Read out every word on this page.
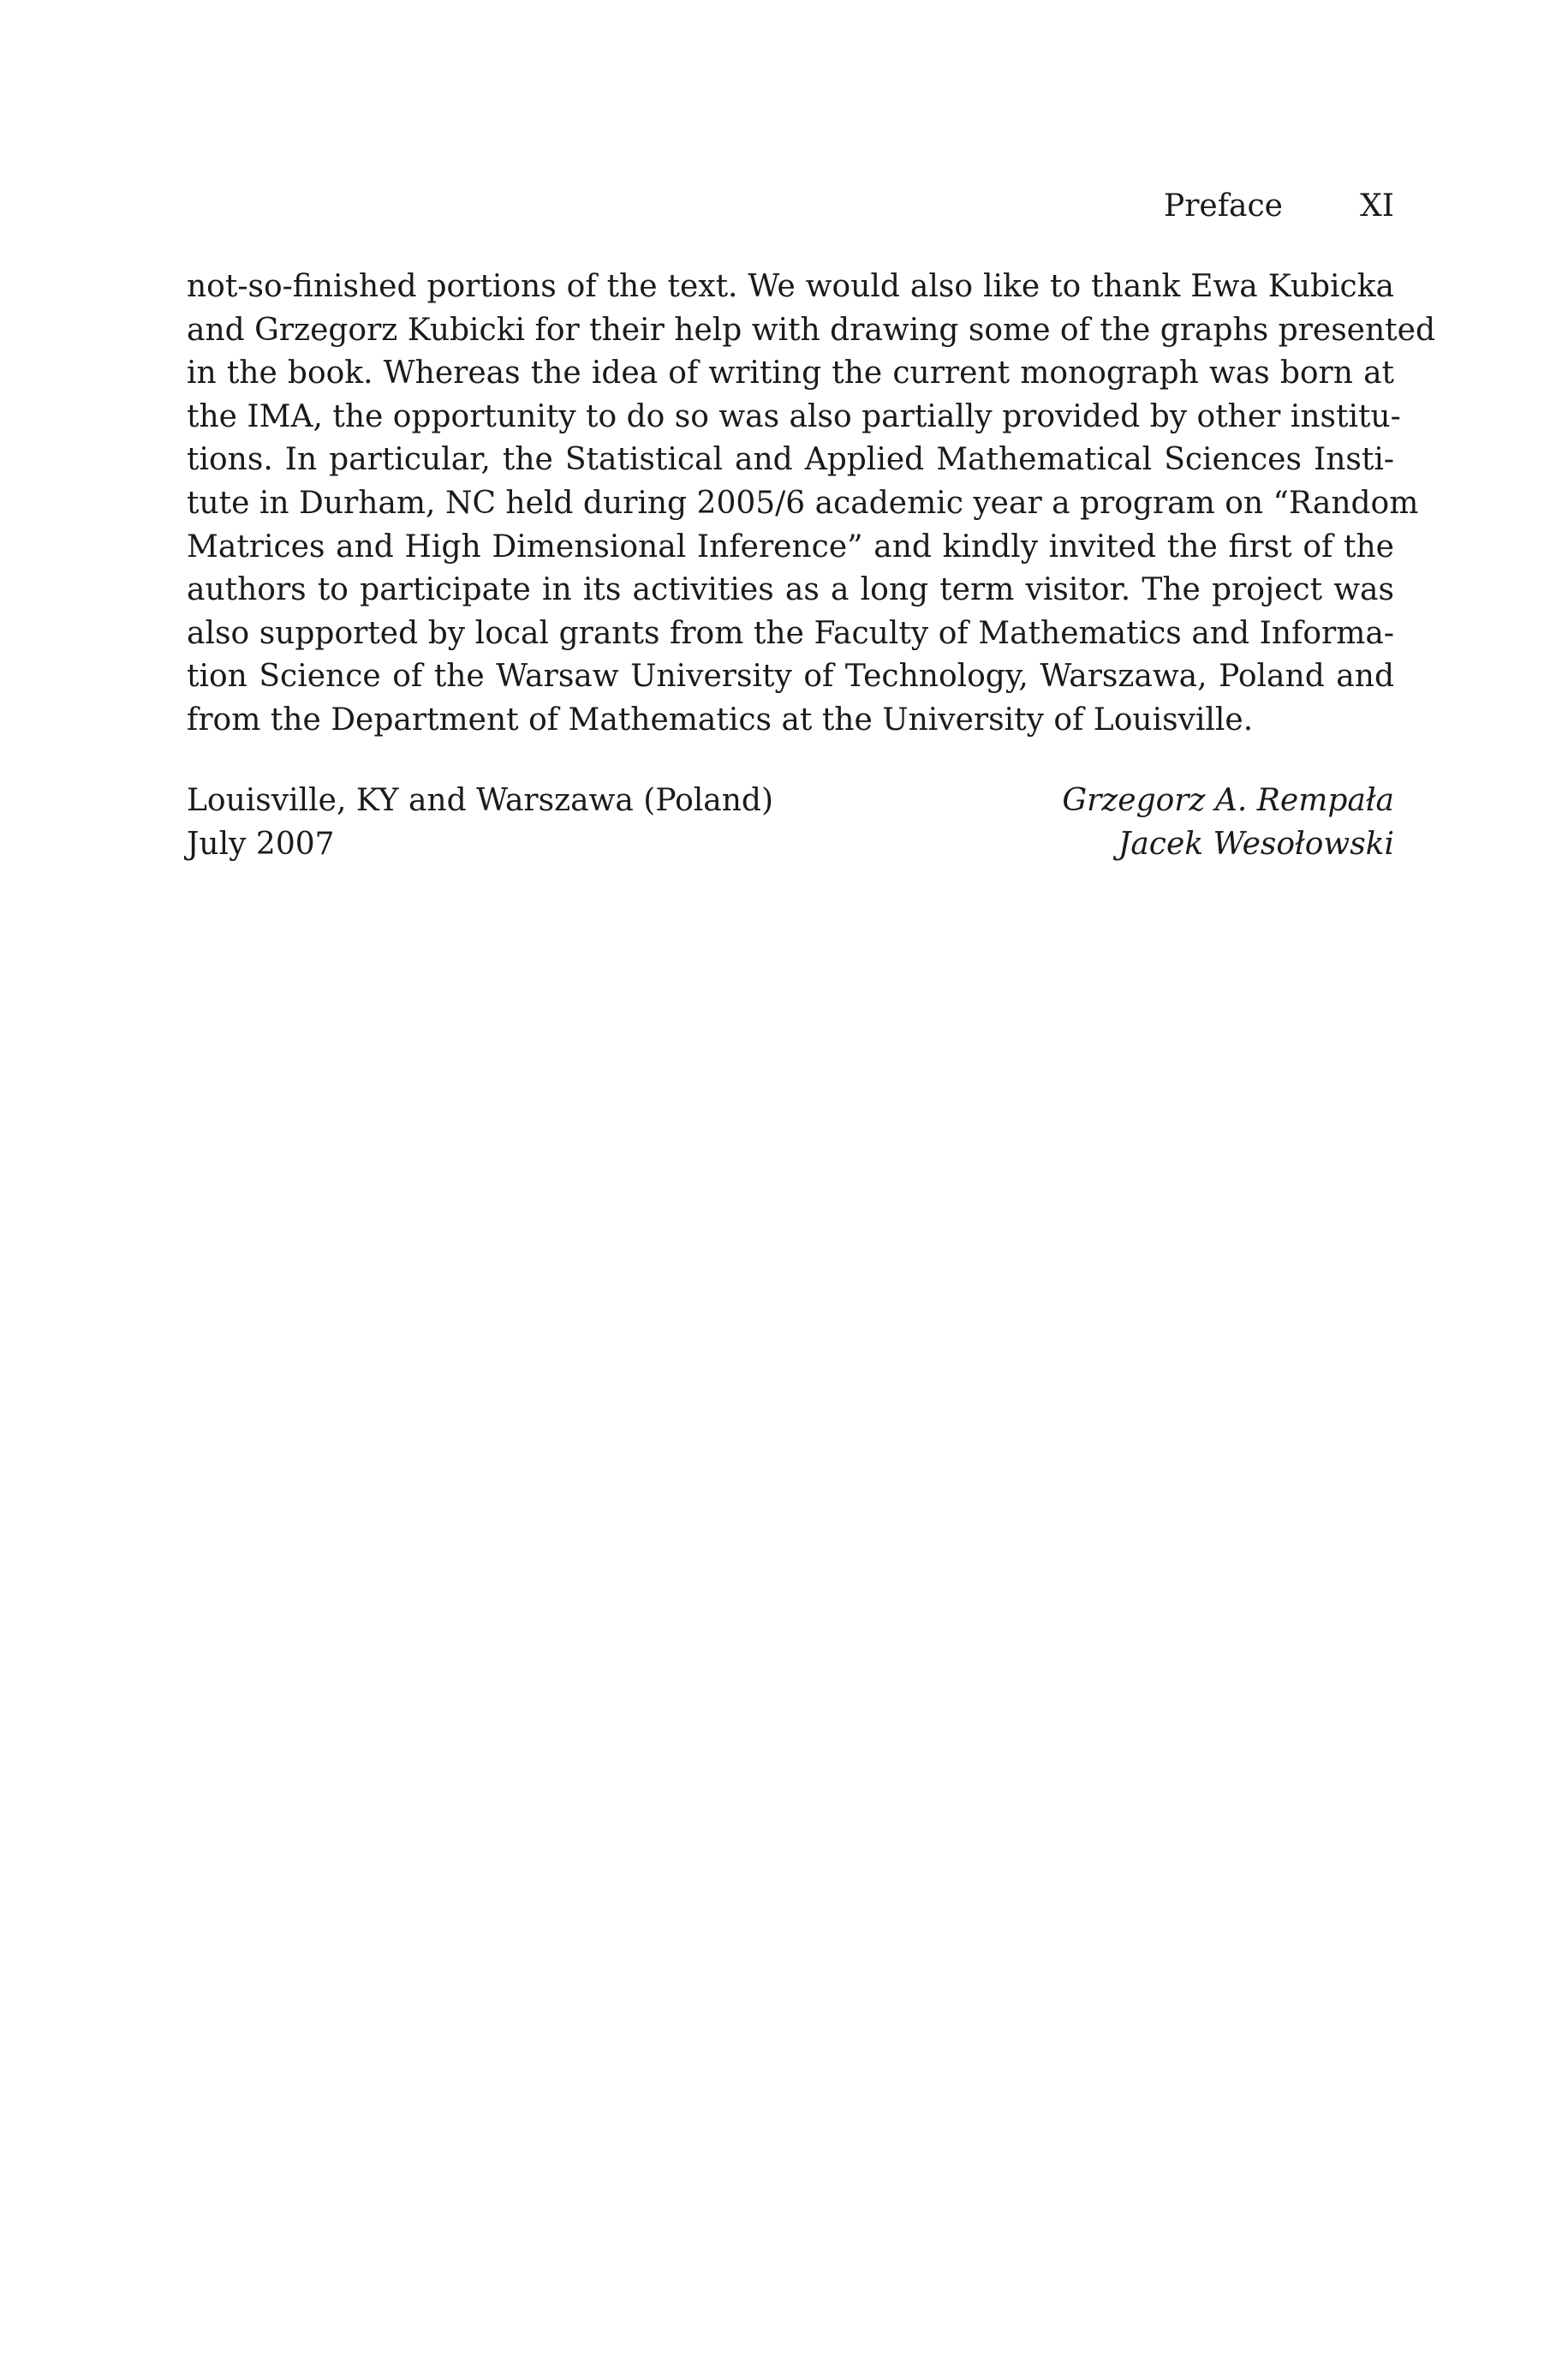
Preface	XI
not-so-finished portions of the text. We would also like to thank Ewa Kubicka
and Grzegorz Kubicki for their help with drawing some of the graphs presented
in the book. Whereas the idea of writing the current monograph was born at
the IMA, the opportunity to do so was also partially provided by other institu-
tions. In particular, the Statistical and Applied Mathematical Sciences Insti-
tute in Durham, NC held during 2005/6 academic year a program on “Random
Matrices and High Dimensional Inference” and kindly invited the first of the
authors to participate in its activities as a long term visitor. The project was
also supported by local grants from the Faculty of Mathematics and Informa-
tion Science of the Warsaw University of Technology, Warszawa, Poland and
from the Department of Mathematics at the University of Louisville.
Louisville, KY and Warszawa (Poland)
July 2007
Grzegorz A. Rempała
Jacek Wesołowski
